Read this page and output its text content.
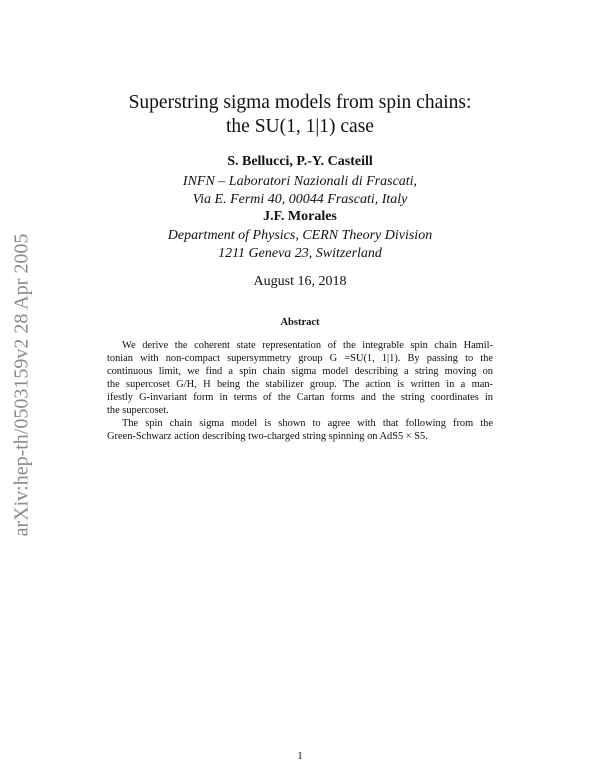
arXiv:hep-th/0503159v2 28 Apr 2005
Superstring sigma models from spin chains:
the SU(1, 1|1) case
S. Bellucci, P.-Y. Casteill
INFN – Laboratori Nazionali di Frascati,
Via E. Fermi 40, 00044 Frascati, Italy
J.F. Morales
Department of Physics, CERN Theory Division
1211 Geneva 23, Switzerland
August 16, 2018
Abstract
We derive the coherent state representation of the integrable spin chain Hamil-
tonian with non-compact supersymmetry group G =SU(1, 1|1). By passing to the
continuous limit, we find a spin chain sigma model describing a string moving on
the supercoset G/H, H being the stabilizer group. The action is written in a man-
ifestly G-invariant form in terms of the Cartan forms and the string coordinates in
the supercoset.
The spin chain sigma model is shown to agree with that following from the
Green-Schwarz action describing two-charged string spinning on AdS5 × S5.
1
